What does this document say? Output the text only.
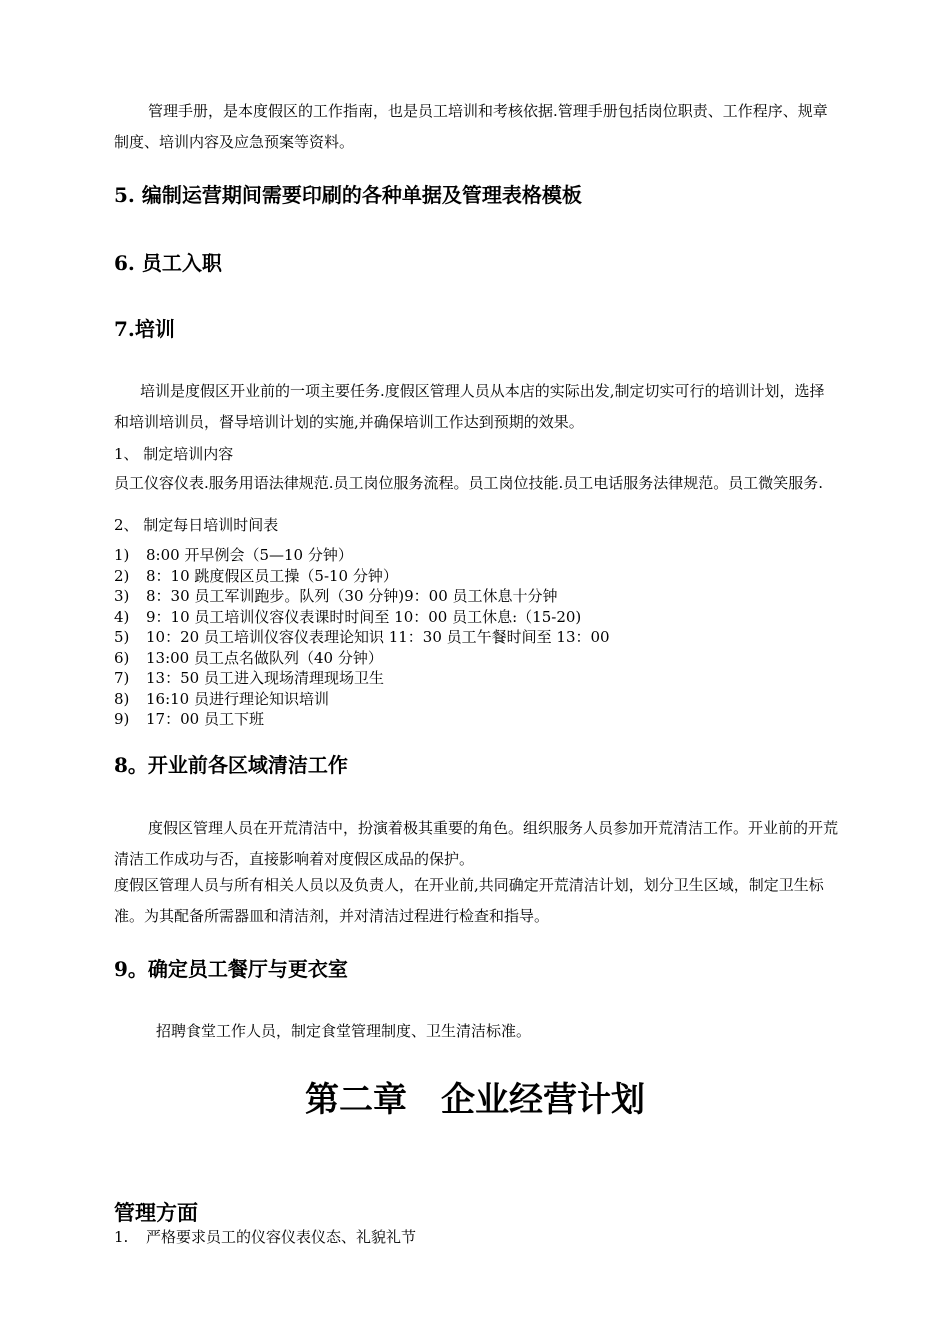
管理手册，是本度假区的工作指南，也是员工培训和考核依据.管理手册包括岗位职责、工作程序、规章制度、培训内容及应急预案等资料。

5. 编制运营期间需要印刷的各种单据及管理表格模板
6. 员工入职
7.培训

培训是度假区开业前的一项主要任务.度假区管理人员从本店的实际出发,制定切实可行的培训计划，选择和培训培训员，督导培训计划的实施,并确保培训工作达到预期的效果。

1、 制定培训内容

员工仪容仪表.服务用语法律规范.员工岗位服务流程。员工岗位技能.员工电话服务法律规范。员工微笑服务.

2、 制定每日培训时间表

1) 8:00 开早例会（5—10 分钟）
2) 8：10 跳度假区员工操（5-10 分钟）
3) 8：30 员工军训跑步。队列（30 分钟)9：00 员工休息十分钟
4) 9：10 员工培训仪容仪表课时时间至 10：00 员工休息:（15-20)
5) 10：20 员工培训仪容仪表理论知识 11：30 员工午餐时间至 13：00
6) 13:00 员工点名做队列（40 分钟）
7) 13：50 员工进入现场清理现场卫生
8) 16:10 员进行理论知识培训
9) 17：00 员工下班
8。开业前各区域清洁工作

度假区管理人员在开荒清洁中，扮演着极其重要的角色。组织服务人员参加开荒清洁工作。开业前的开荒清洁工作成功与否，直接影响着对度假区成品的保护。

度假区管理人员与所有相关人员以及负责人，在开业前,共同确定开荒清洁计划，划分卫生区域，制定卫生标准。为其配备所需器皿和清洁剂，并对清洁过程进行检查和指导。

9。确定员工餐厅与更衣室

招聘食堂工作人员，制定食堂管理制度、卫生清洁标准。

第二章　企业经营计划
管理方面

1. 严格要求员工的仪容仪表仪态、礼貌礼节
